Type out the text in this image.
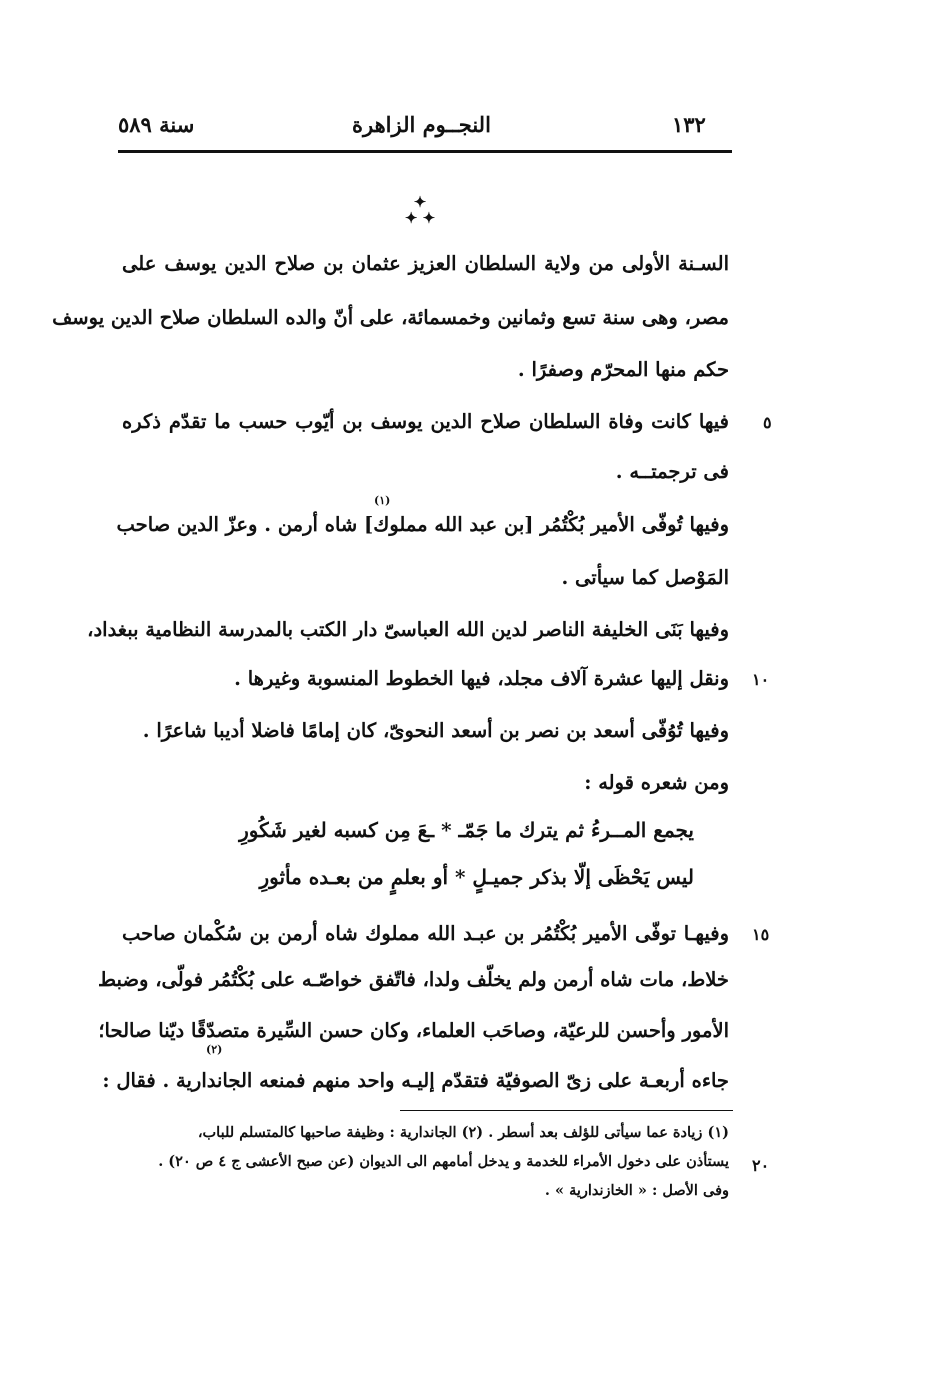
سنة ٥٨٩	النجــوم الزاهرة	١٣٢
✦
✦ ✦
السـنة الأولى من ولاية السلطان العزيز عثمان بن صلاح الدين يوسف على
مصر، وهى سنة تسع وثمانين وخمسمائة، على أنّ والده السلطان صلاح الدين يوسف
حكم منها المحرّم وصفرًا .
فيها كانت وفاة السلطان صلاح الدين يوسف بن أيّوب حسب ما تقدّم ذكره
فى ترجمتــه .
وفيها تُوفّى الأمير بُكْتُمُر [بن عبد الله مملوك] شاه أرمن . وعزّ الدين صاحب
المَوْصل كما سيأتى .
وفيها بَنَى الخليفة الناصر لدين الله العباسىّ دار الكتب بالمدرسة النظامية ببغداد،
ونقل إليها عشرة آلاف مجلد، فيها الخطوط المنسوبة وغيرها .
وفيها تُوُفّى أسعد بن نصر بن أسعد النحوىّ، كان إمامًا فاضلا أديبا شاعرًا .
ومن شعره قوله :
يجمع المــرءُ ثم يترك ما جَمّـ * ـعَ مِن كسبه لغير شَكُورِ
ليس يَحْظَى إلّا بذكر جميـلٍ * أو بعلمٍ من بعـده مأثورِ
وفيهـا توفّى الأمير بُكْتُمُر بن عبـد الله مملوك شاه أرمن بن سُكْمان صاحب
خلاط، مات شاه أرمن ولم يخلّف ولدا، فاتّفق خواصّـه على بُكْتُمُر فولّى، وضبط
الأمور وأحسن للرعيّة، وصاحَب العلماء، وكان حسن السِّيرة متصدّقًا ديّنا صالحا؛
جاءه أربعـة على زىّ الصوفيّة فتقدّم إليـه واحد منهم فمنعه الجاندارية . فقال :
(١)
(٢)
٥
١٠
١٥
٢٠
(١) زيادة عما سيأتى للؤلف بعد أسطر . (٢) الجاندارية : وظيفة صاحبها كالمتسلم للباب،
يستأذن على دخول الأمراء للخدمة و يدخل أمامهم الى الديوان (عن صبح الأعشى ج ٤ ص ٢٠) .
وفى الأصل : « الخازندارية » .
